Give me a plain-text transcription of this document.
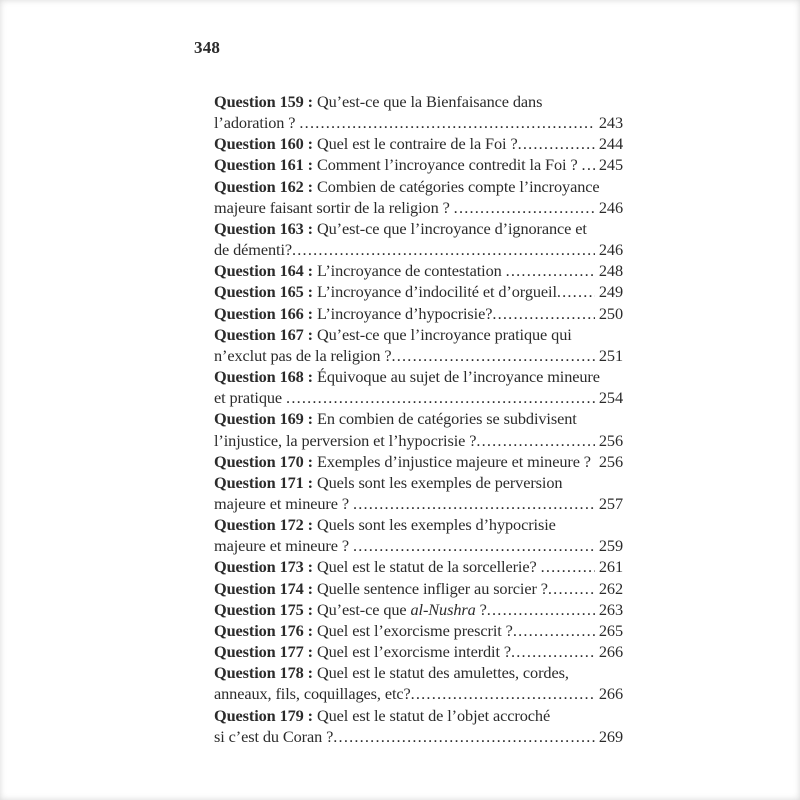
348
Question 159 : Qu’est-ce que la Bienfaisance dans
l’adoration ? .....	243
Question 160 : Quel est le contraire de la Foi ? .....	244
Question 161 : Comment l’incroyance contredit la Foi ? ..... 245
Question 162 : Combien de catégories compte l’incroyance
majeure faisant sortir de la religion ? .....	246
Question 163 : Qu’est-ce que l’incroyance d’ignorance et
de démenti? .....	246
Question 164 : L’incroyance de contestation .....	248
Question 165 : L’incroyance d’indocilité et d’orgueil .....	249
Question 166 : L’incroyance d’hypocrisie? .....	250
Question 167 : Qu’est-ce que l’incroyance pratique qui
n’exclut pas de la religion ? .....	251
Question 168 : Équivoque au sujet de l’incroyance mineure
et pratique .....	254
Question 169 : En combien de catégories se subdivisent
l’injustice, la perversion et l’hypocrisie ? .....	256
Question 170 : Exemples d’injustice majeure et mineure ? 256
Question 171 : Quels sont les exemples de perversion
majeure et mineure ? .....	257
Question 172 : Quels sont les exemples d’hypocrisie
majeure et mineure ? .....	259
Question 173 : Quel est le statut de la sorcellerie? .....	261
Question 174 : Quelle sentence infliger au sorcier ? .....	262
Question 175 : Qu’est-ce que al-Nushra ? .....	263
Question 176 : Quel est l’exorcisme prescrit ? .....	265
Question 177 : Quel est l’exorcisme interdit ? .....	266
Question 178 : Quel est le statut des amulettes, cordes,
anneaux, fils, coquillages, etc? .....	266
Question 179 : Quel est le statut de l’objet accroché
si c’est du Coran ? .....	269
